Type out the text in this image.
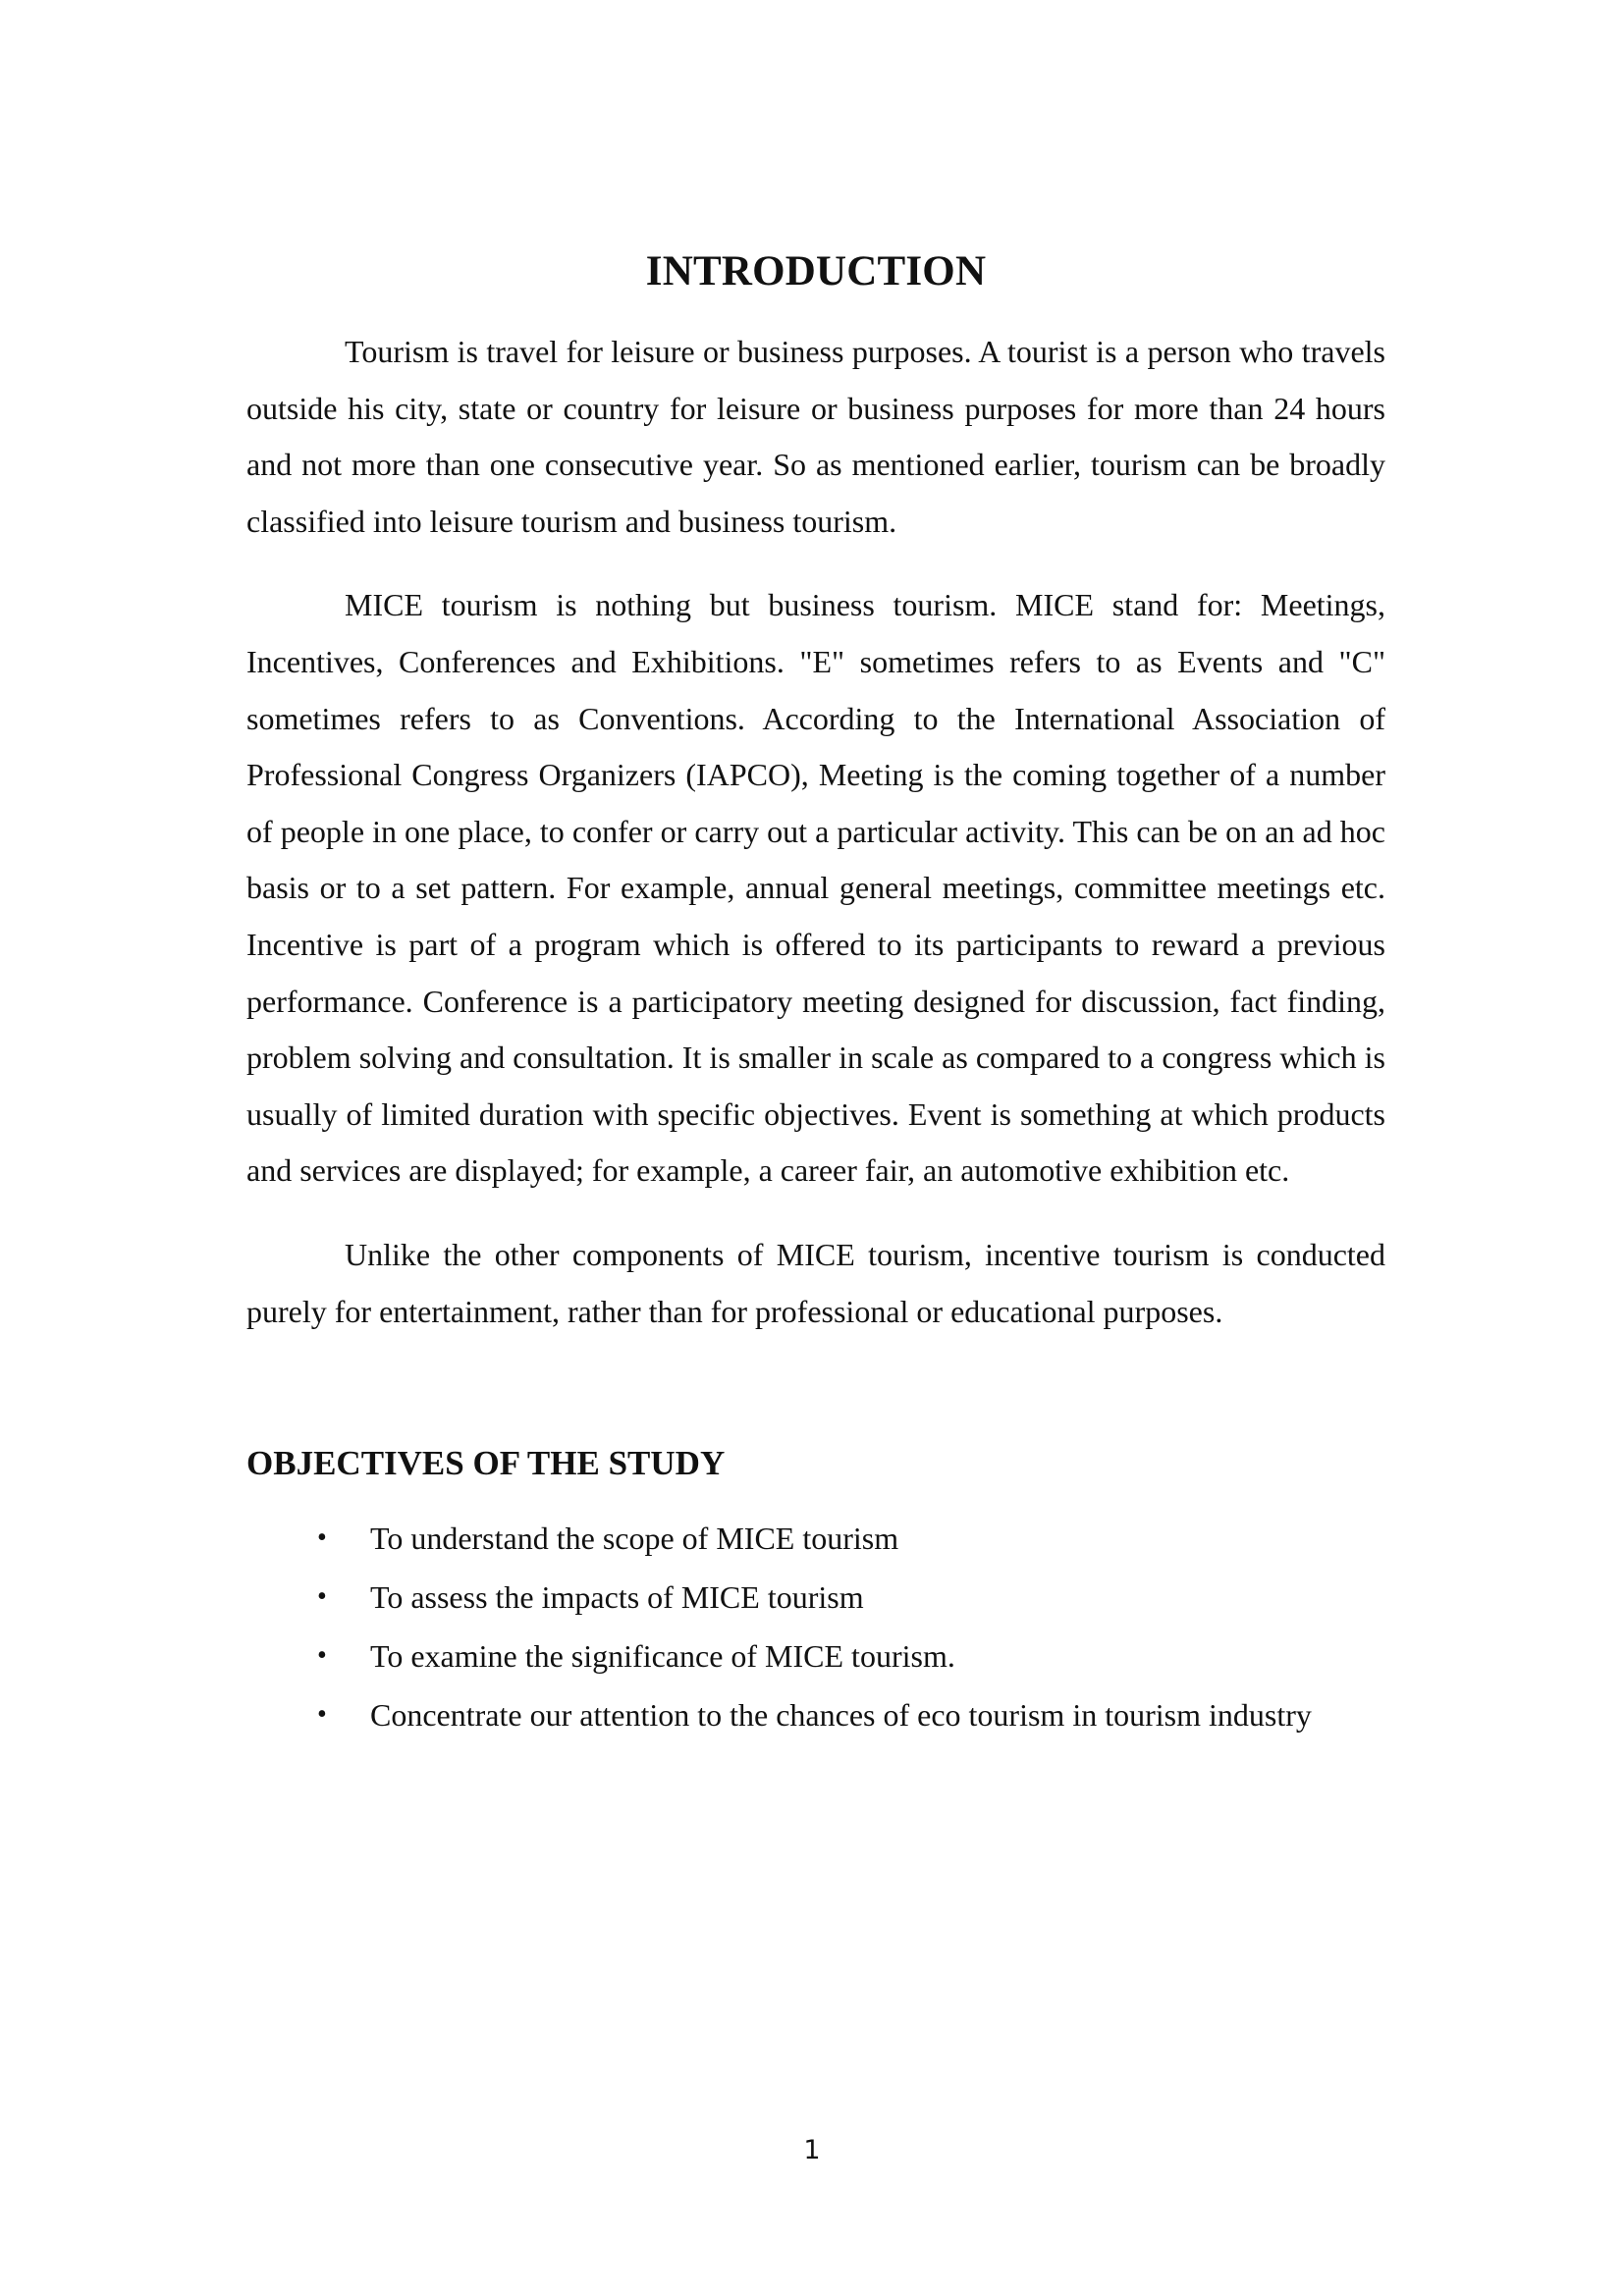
INTRODUCTION

Tourism is travel for leisure or business purposes. A tourist is a person who travels outside his city, state or country for leisure or business purposes for more than 24 hours and not more than one consecutive year. So as mentioned earlier, tourism can be broadly classified into leisure tourism and business tourism.

MICE tourism is nothing but business tourism. MICE stand for: Meetings, Incentives, Conferences and Exhibitions. "E" sometimes refers to as Events and "C" sometimes refers to as Conventions. According to the International Association of Professional Congress Organizers (IAPCO), Meeting is the coming together of a number of people in one place, to confer or carry out a particular activity. This can be on an ad hoc basis or to a set pattern. For example, annual general meetings, committee meetings etc. Incentive is part of a program which is offered to its participants to reward a previous performance. Conference is a participatory meeting designed for discussion, fact finding, problem solving and consultation. It is smaller in scale as compared to a congress which is usually of limited duration with specific objectives. Event is something at which products and services are displayed; for example, a career fair, an automotive exhibition etc.

Unlike the other components of MICE tourism, incentive tourism is conducted purely for entertainment, rather than for professional or educational purposes.

OBJECTIVES OF THE STUDY
• To understand the scope of MICE tourism
• To assess the impacts of MICE tourism
• To examine the significance of MICE tourism.
• Concentrate our attention to the chances of eco tourism in tourism industry
1
